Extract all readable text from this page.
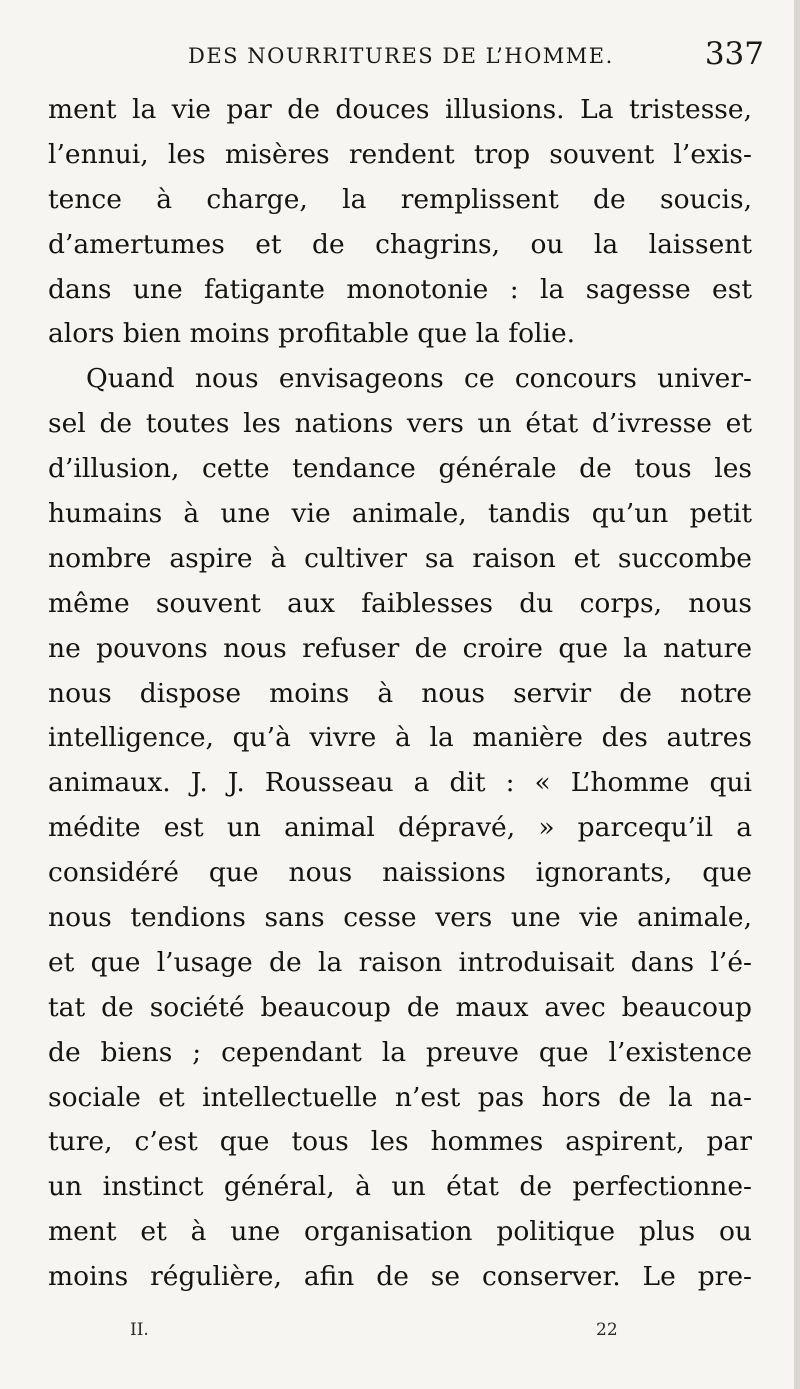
DES NOURRITURES DE L’HOMME.	337
ment la vie par de douces illusions. La tristesse,
l’ennui, les misères rendent trop souvent l’exis-
tence à charge, la remplissent de soucis,
d’amertumes et de chagrins, ou la laissent
dans une fatigante monotonie : la sagesse est
alors bien moins profitable que la folie.
Quand nous envisageons ce concours univer-
sel de toutes les nations vers un état d’ivresse et
d’illusion, cette tendance générale de tous les
humains à une vie animale, tandis qu’un petit
nombre aspire à cultiver sa raison et succombe
même souvent aux faiblesses du corps, nous
ne pouvons nous refuser de croire que la nature
nous dispose moins à nous servir de notre
intelligence, qu’à vivre à la manière des autres
animaux. J. J. Rousseau a dit : « L’homme qui
médite est un animal dépravé, » parcequ’il a
considéré que nous naissions ignorants, que
nous tendions sans cesse vers une vie animale,
et que l’usage de la raison introduisait dans l’é-
tat de société beaucoup de maux avec beaucoup
de biens ; cependant la preuve que l’existence
sociale et intellectuelle n’est pas hors de la na-
ture, c’est que tous les hommes aspirent, par
un instinct général, à un état de perfectionne-
ment et à une organisation politique plus ou
moins régulière, afin de se conserver. Le pre-
II.	22
